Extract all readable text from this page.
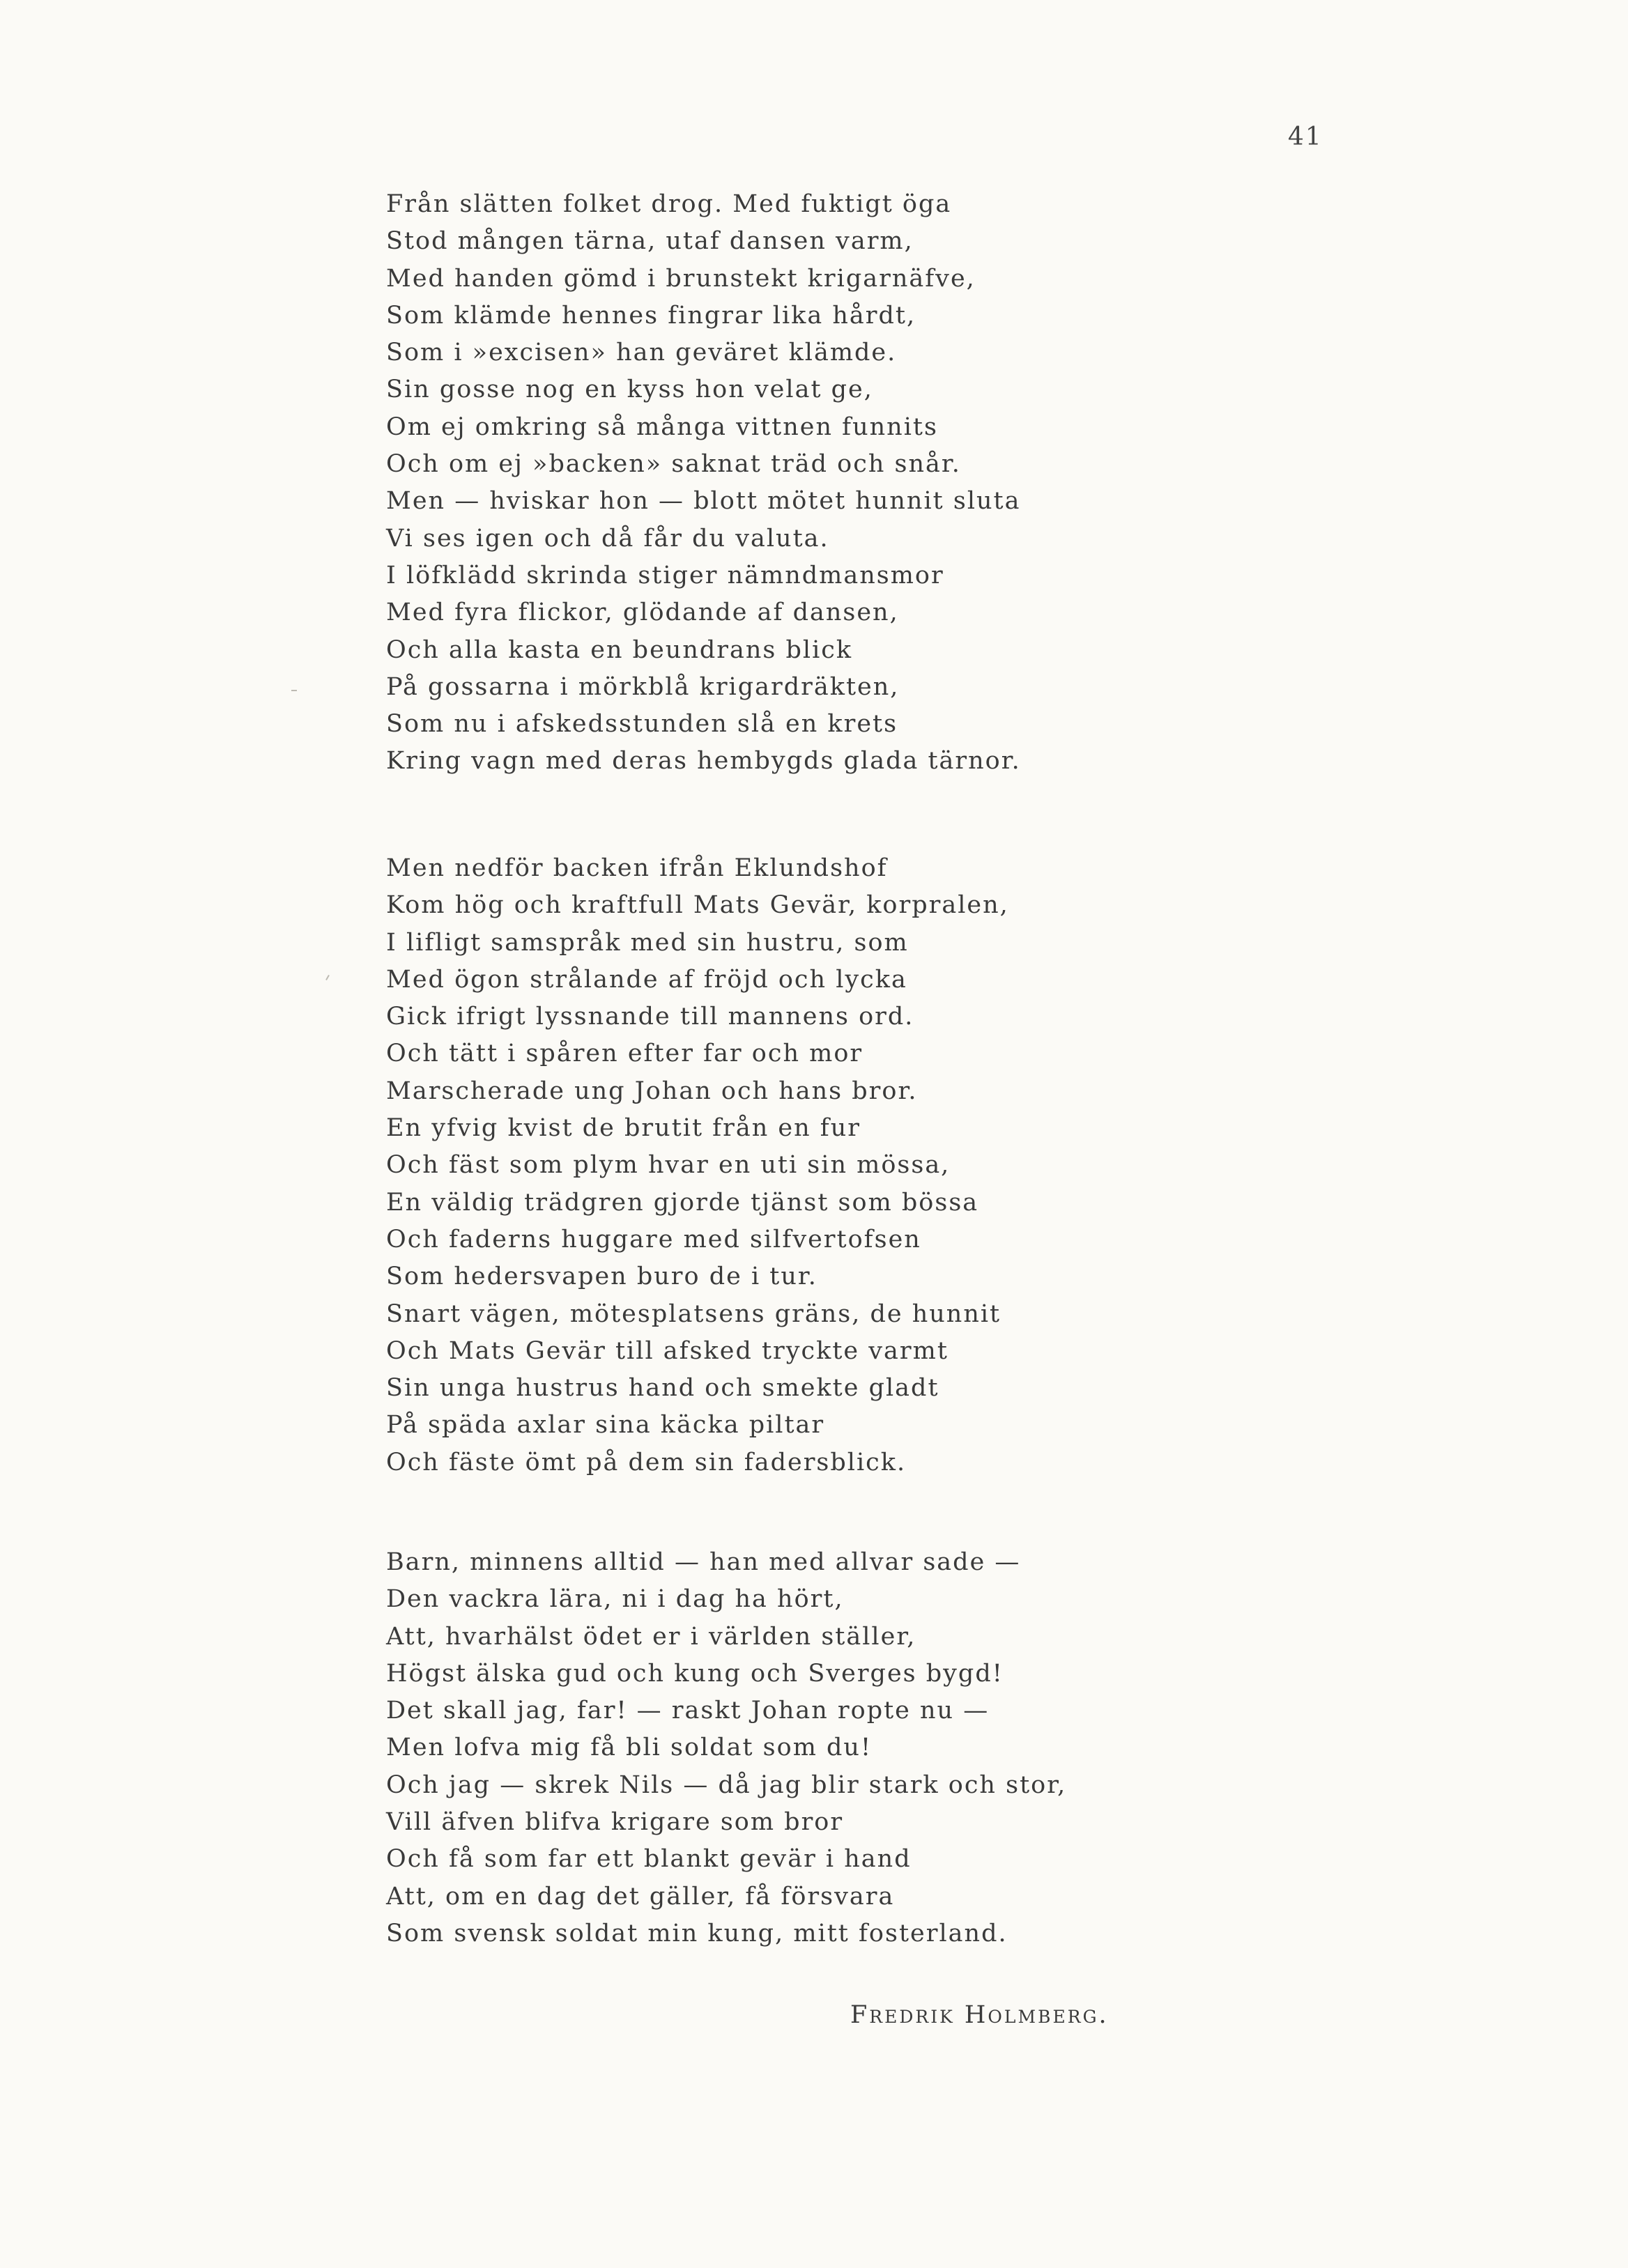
41
Från slätten folket drog. Med fuktigt öga
Stod mången tärna, utaf dansen varm,
Med handen gömd i brunstekt krigarnäfve,
Som klämde hennes fingrar lika hårdt,
Som i »excisen» han geväret klämde.
Sin gosse nog en kyss hon velat ge,
Om ej omkring så många vittnen funnits
Och om ej »backen» saknat träd och snår.
Men — hviskar hon — blott mötet hunnit sluta
Vi ses igen och då får du valuta.
I löfklädd skrinda stiger nämndmansmor
Med fyra flickor, glödande af dansen,
Och alla kasta en beundrans blick
På gossarna i mörkblå krigardräkten,
Som nu i afskedsstunden slå en krets
Kring vagn med deras hembygds glada tärnor.
Men nedför backen ifrån Eklundshof
Kom hög och kraftfull Mats Gevär, korpralen,
I lifligt samspråk med sin hustru, som
Med ögon strålande af fröjd och lycka
Gick ifrigt lyssnande till mannens ord.
Och tätt i spåren efter far och mor
Marscherade ung Johan och hans bror.
En yfvig kvist de brutit från en fur
Och fäst som plym hvar en uti sin mössa,
En väldig trädgren gjorde tjänst som bössa
Och faderns huggare med silfvertofsen
Som hedersvapen buro de i tur.
Snart vägen, mötesplatsens gräns, de hunnit
Och Mats Gevär till afsked tryckte varmt
Sin unga hustrus hand och smekte gladt
På späda axlar sina käcka piltar
Och fäste ömt på dem sin fadersblick.
Barn, minnens alltid — han med allvar sade —
Den vackra lära, ni i dag ha hört,
Att, hvarhälst ödet er i världen ställer,
Högst älska gud och kung och Sverges bygd!
Det skall jag, far! — raskt Johan ropte nu —
Men lofva mig få bli soldat som du!
Och jag — skrek Nils — då jag blir stark och stor,
Vill äfven blifva krigare som bror
Och få som far ett blankt gevär i hand
Att, om en dag det gäller, få försvara
Som svensk soldat min kung, mitt fosterland.
Fredrik Holmberg.
